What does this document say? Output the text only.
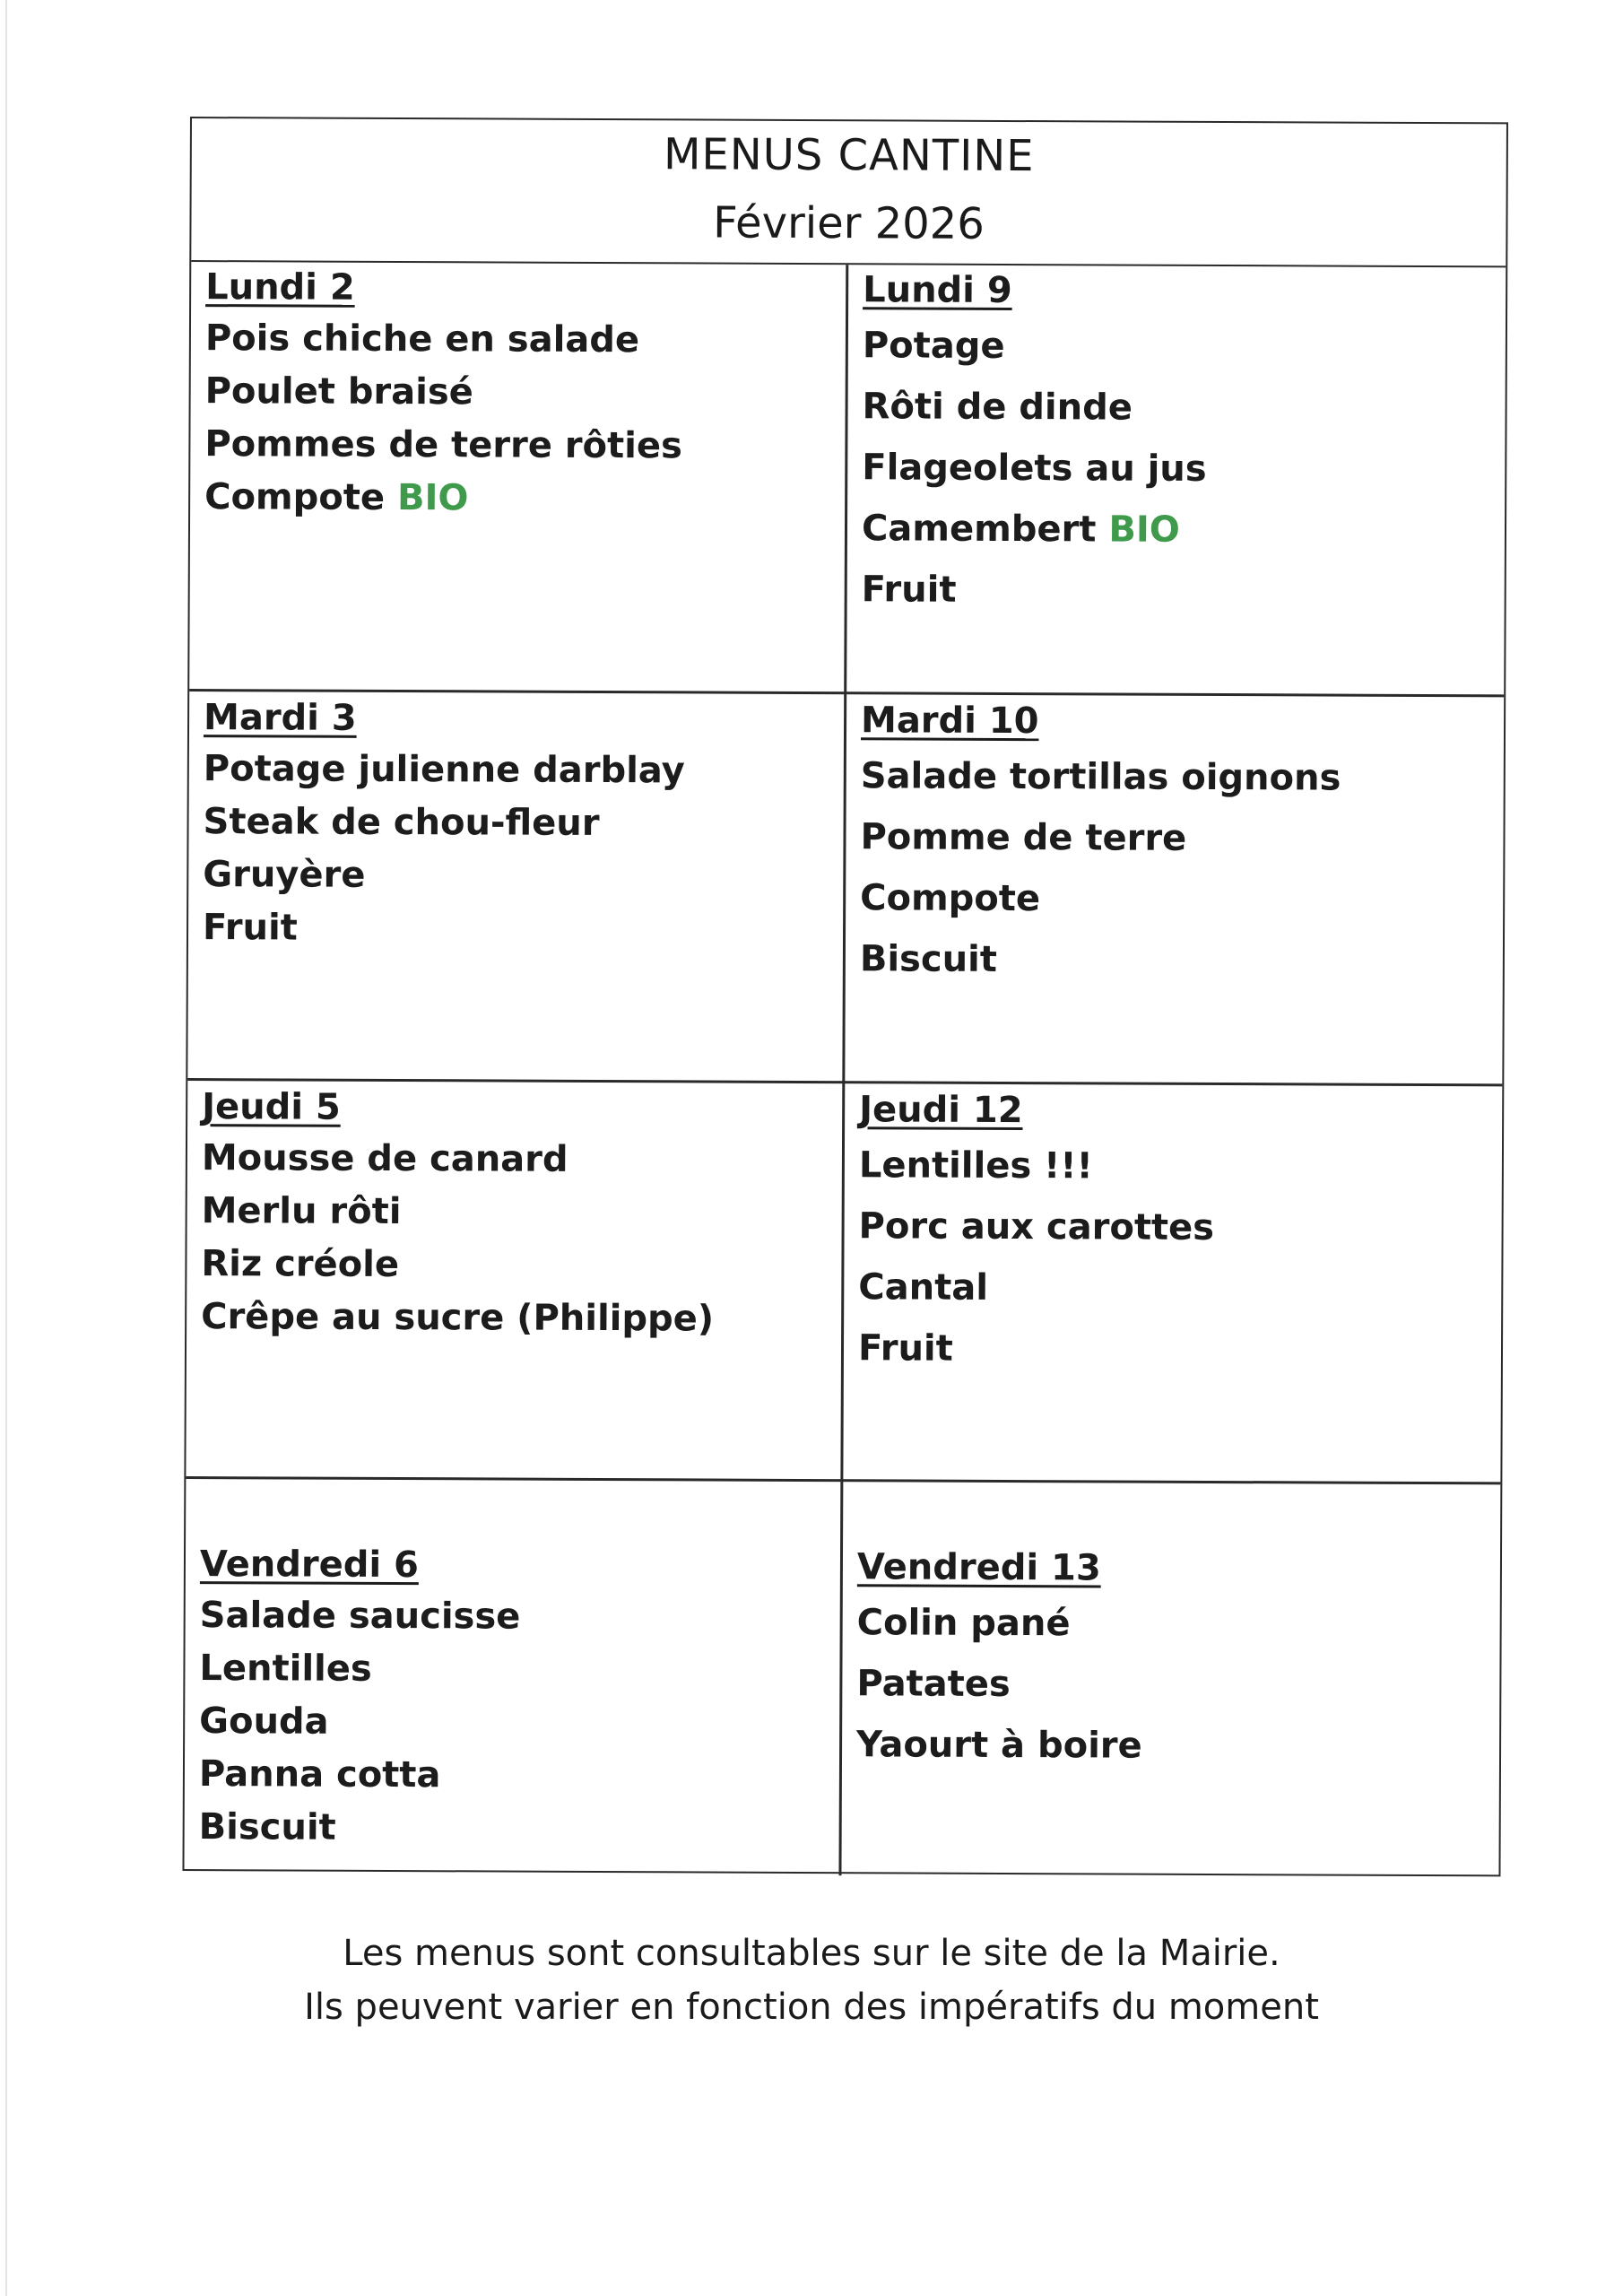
MENUS CANTINE
Février 2026
Lundi 2
Pois chiche en salade
Poulet braisé
Pommes de terre rôties
Compote BIO
Lundi 9
Potage
Rôti de dinde
Flageolets au jus
Camembert BIO
Fruit
Mardi 3
Potage julienne darblay
Steak de chou-fleur
Gruyère
Fruit
Mardi 10
Salade tortillas oignons
Pomme de terre
Compote
Biscuit
Jeudi 5
Mousse de canard
Merlu rôti
Riz créole
Crêpe au sucre (Philippe)
Jeudi 12
Lentilles !!!
Porc aux carottes
Cantal
Fruit
Vendredi 6
Salade saucisse
Lentilles
Gouda
Panna cotta
Biscuit
Vendredi 13
Colin pané
Patates
Yaourt à boire
Les menus sont consultables sur le site de la Mairie.
Ils peuvent varier en fonction des impératifs du moment
